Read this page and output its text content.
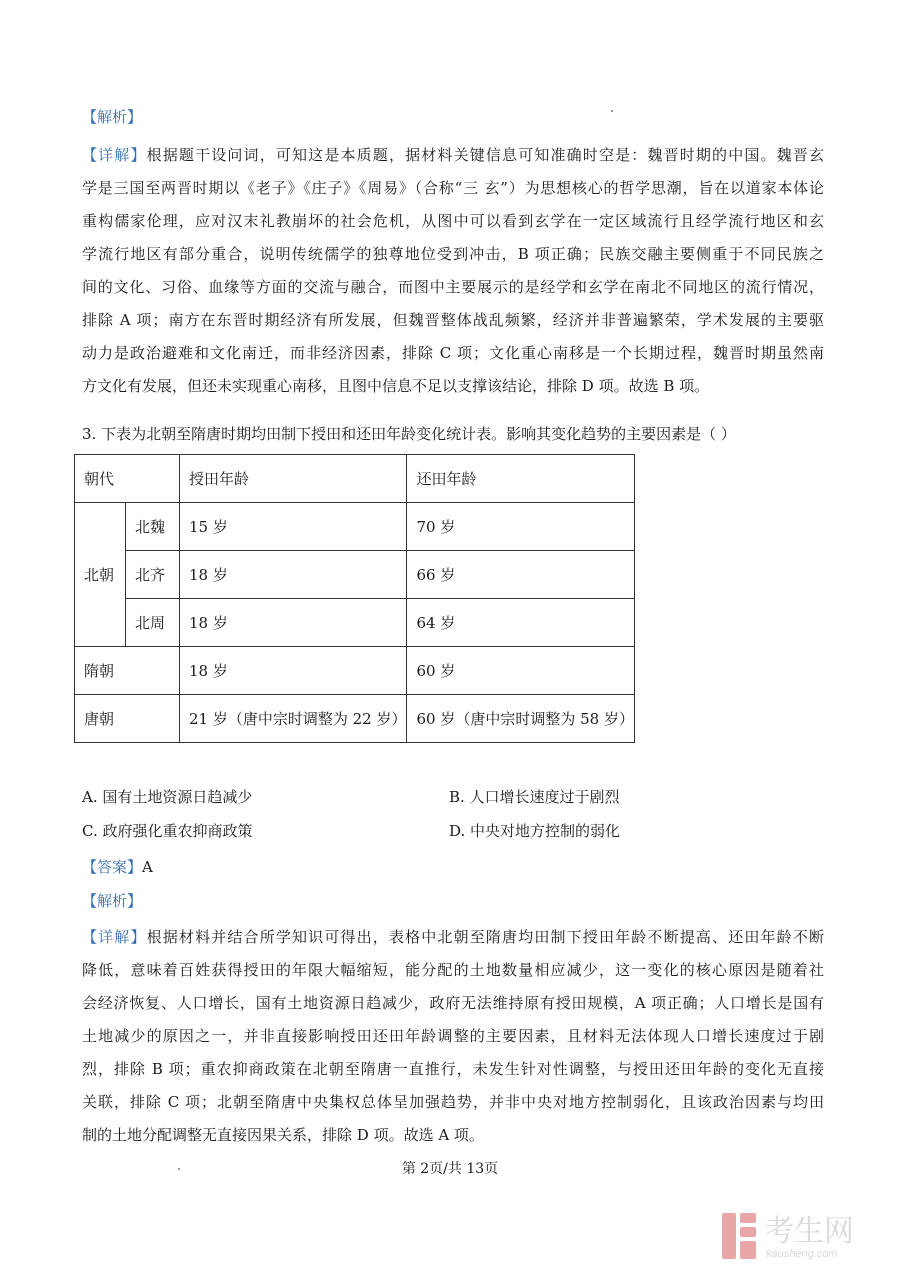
【解析】
【详解】根据题干设问词，可知这是本质题，据材料关键信息可知准确时空是：魏晋时期的中国。魏晋玄
学是三国至两晋时期以《老子》《庄子》《周易》（合称“三 玄”）为思想核心的哲学思潮，旨在以道家本体论
重构儒家伦理，应对汉末礼教崩坏的社会危机，从图中可以看到玄学在一定区域流行且经学流行地区和玄
学流行地区有部分重合，说明传统儒学的独尊地位受到冲击，B 项正确；民族交融主要侧重于不同民族之
间的文化、习俗、血缘等方面的交流与融合，而图中主要展示的是经学和玄学在南北不同地区的流行情况，
排除 A 项；南方在东晋时期经济有所发展，但魏晋整体战乱频繁，经济并非普遍繁荣，学术发展的主要驱
动力是政治避难和文化南迁，而非经济因素，排除 C 项；文化重心南移是一个长期过程，魏晋时期虽然南
方文化有发展，但还未实现重心南移，且图中信息不足以支撑该结论，排除 D 项。故选 B 项。
3. 下表为北朝至隋唐时期均田制下授田和还田年龄变化统计表。影响其变化趋势的主要因素是（ ）
朝代		授田年龄	还田年龄
北朝	北魏	15 岁	70 岁
	北齐	18 岁	66 岁
	北周	18 岁	64 岁
隋朝		18 岁	60 岁
唐朝		21 岁（唐中宗时调整为 22 岁）	60 岁（唐中宗时调整为 58 岁）
A. 国有土地资源日趋减少	B. 人口增长速度过于剧烈
C. 政府强化重农抑商政策	D. 中央对地方控制的弱化
【答案】A
【解析】
【详解】根据材料并结合所学知识可得出，表格中北朝至隋唐均田制下授田年龄不断提高、还田年龄不断
降低，意味着百姓获得授田的年限大幅缩短，能分配的土地数量相应减少，这一变化的核心原因是随着社
会经济恢复、人口增长，国有土地资源日趋减少，政府无法维持原有授田规模，A 项正确；人口增长是国有
土地减少的原因之一，并非直接影响授田还田年龄调整的主要因素，且材料无法体现人口增长速度过于剧
烈，排除 B 项；重农抑商政策在北朝至隋唐一直推行，未发生针对性调整，与授田还田年龄的变化无直接
关联，排除 C 项；北朝至隋唐中央集权总体呈加强趋势，并非中央对地方控制弱化，且该政治因素与均田
制的土地分配调整无直接因果关系，排除 D 项。故选 A 项。
第 2页/共 13页
考生网
kaosheng.com
